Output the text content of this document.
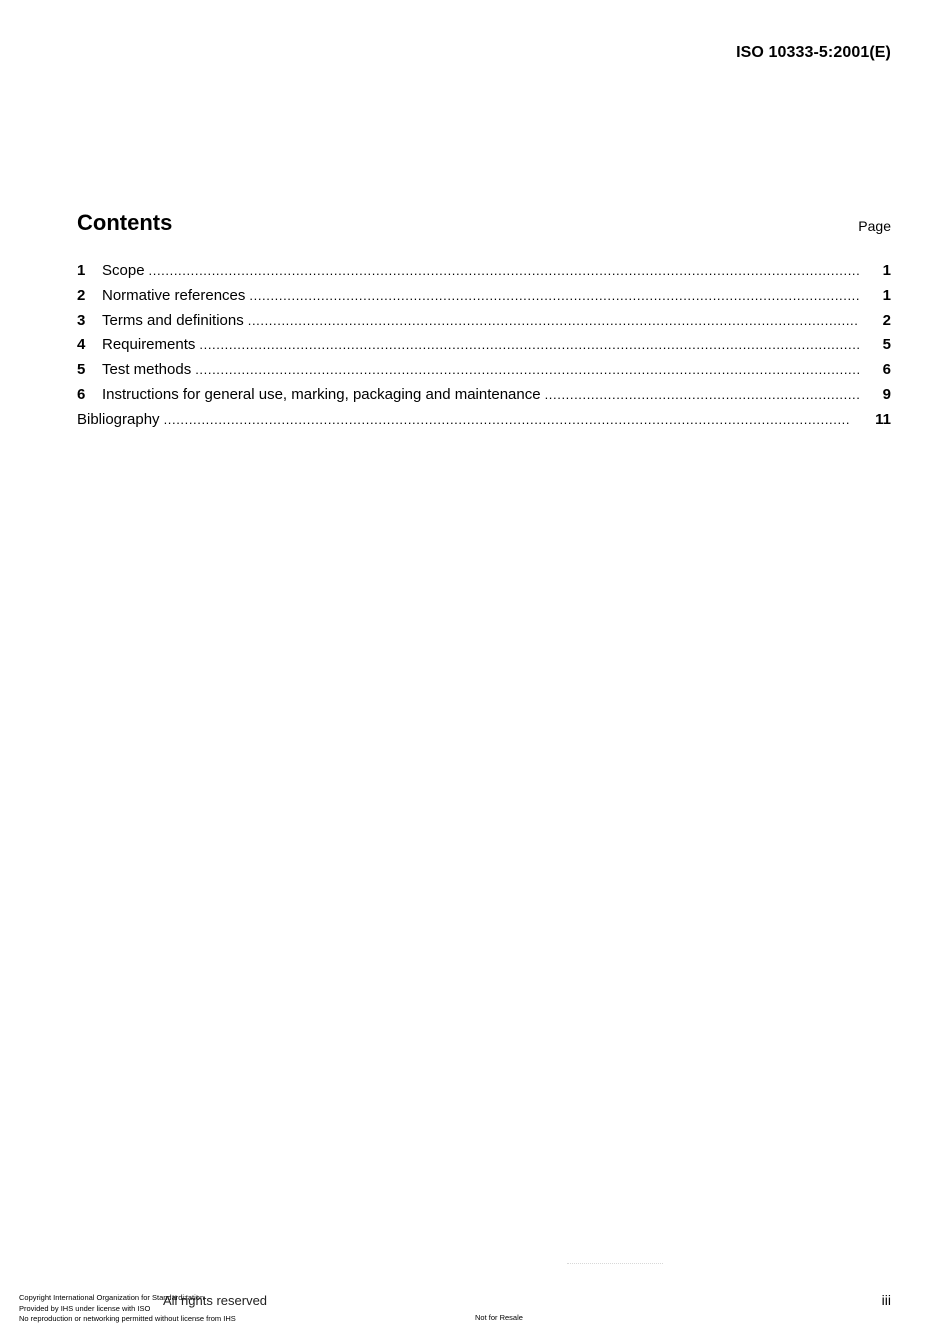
ISO 10333-5:2001(E)
Contents	Page
1	Scope .....	1
2	Normative references .....	1
3	Terms and definitions .....	2
4	Requirements .....	5
5	Test methods .....	6
6	Instructions for general use, marking, packaging and maintenance .....	9
Bibliography .....	11
Copyright International Organization for Standardization
Provided by IHS under license with ISO
No reproduction or networking permitted without license from IHS
All rights reserved
Not for Resale
iii
